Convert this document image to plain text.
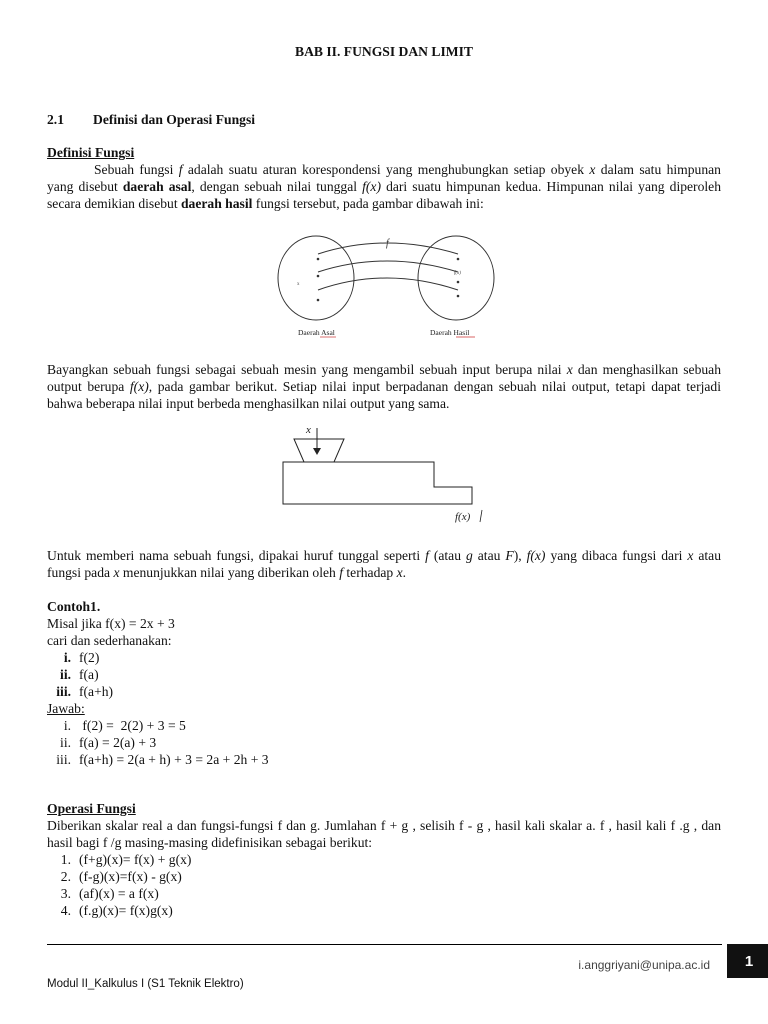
BAB II. FUNGSI DAN LIMIT
2.1 Definisi dan Operasi Fungsi
Definisi Fungsi
Sebuah fungsi f adalah suatu aturan korespondensi yang menghubungkan setiap obyek x dalam satu himpunan yang disebut daerah asal, dengan sebuah nilai tunggal f(x) dari suatu himpunan kedua. Himpunan nilai yang diperoleh secara demikian disebut daerah hasil fungsi tersebut, pada gambar dibawah ini:
f
x
f(x)
Daerah Asal	Daerah Hasil
Bayangkan sebuah fungsi sebagai sebuah mesin yang mengambil sebuah input berupa nilai x dan menghasilkan sebuah output berupa f(x), pada gambar berikut. Setiap nilai input berpadanan dengan sebuah nilai output, tetapi dapat terjadi bahwa beberapa nilai input berbeda menghasilkan nilai output yang sama.
x
f(x)
Untuk memberi nama sebuah fungsi, dipakai huruf tunggal seperti f (atau g atau F), f(x) yang dibaca fungsi dari x atau fungsi pada x menunjukkan nilai yang diberikan oleh f terhadap x.
Contoh1.
Misal jika f(x) = 2x + 3
cari dan sederhanakan:
i. f(2)
ii. f(a)
iii. f(a+h)
Jawab:
i. f(2) =  2(2) + 3 = 5
ii. f(a) = 2(a) + 3
iii. f(a+h) = 2(a + h) + 3 = 2a + 2h + 3
Operasi Fungsi
Diberikan skalar real a dan fungsi-fungsi f dan g. Jumlahan f + g , selisih f - g , hasil kali skalar a. f , hasil kali f .g , dan hasil bagi f /g masing-masing didefinisikan sebagai berikut:
1. (f+g)(x)= f(x) + g(x)
2. (f-g)(x)=f(x) - g(x)
3. (af)(x) = a f(x)
4. (f.g)(x)= f(x)g(x)
i.anggriyani@unipa.ac.id	1
Modul II_Kalkulus I (S1 Teknik Elektro)
